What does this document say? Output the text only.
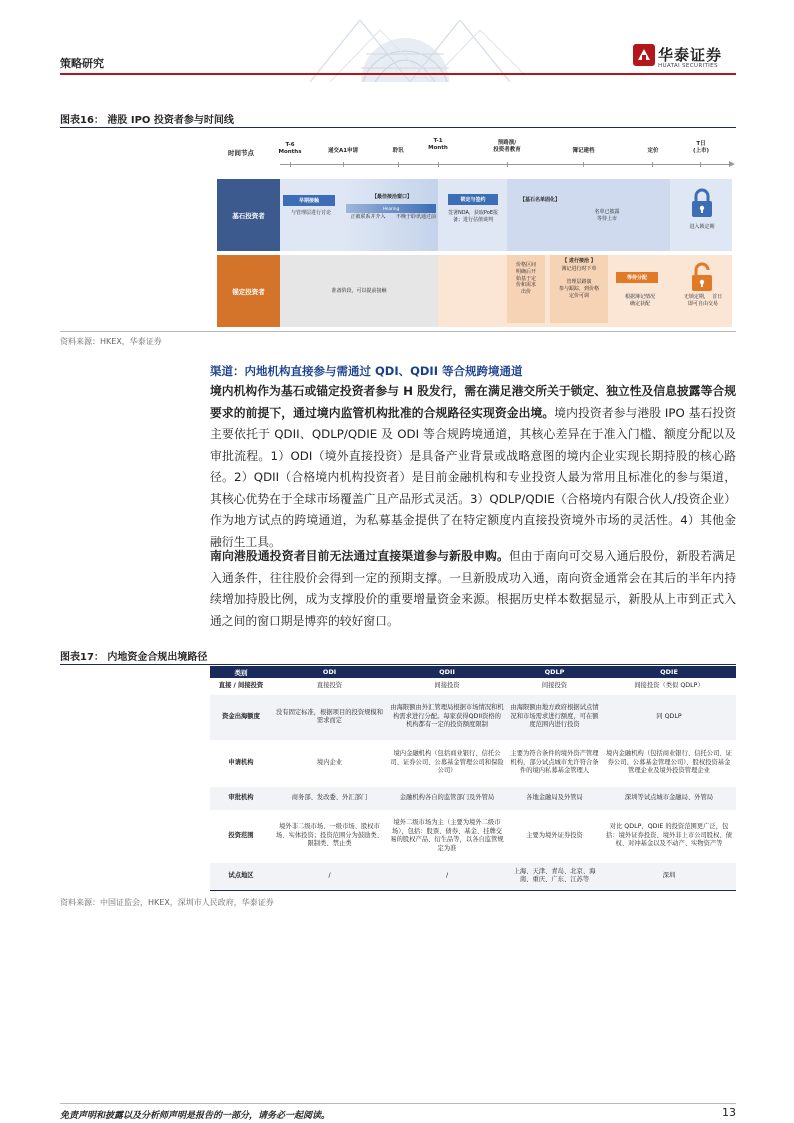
策略研究	华泰证券
HUATAI SECURITIES
图表16： 港股 IPO 投资者参与时间线
时间节点
T-6
Months	递交A1申请	聆讯
T-1
Month
预路演/
投资者教育	簿记建档	定价
T日
(上市)
基石投资者
早期接触
与管理层进行讨论
【最佳接洽窗口】
Hearing
正被联系并介入	不晚于聆讯通过前
锁定与签约
签署NDA，获取PoE报备；进行估值谈判
【基石名单固化】
名单已披露
等待上市
进入锁定期
锚定投资者	准备阶段，可以提前接触
价格区间
明确后开
始基于定
价和需求
出价
【 进行接洽 】
簿记进行时下单
管理层路演
参与跟踪，到价格
定价可调
等待分配
根据簿记情况
确定获配
无锁定期，  首日
即可自由交易
资料来源：HKEX，华泰证券
渠道：内地机构直接参与需通过 QDI、QDII 等合规跨境通道
境内机构作为基石或锚定投资者参与 H 股发行，需在满足港交所关于锁定、独立性及信息披露等合规要求的前提下，通过境内监管机构批准的合规路径实现资金出境。境内投资者参与港股 IPO 基石投资主要依托于 QDII、QDLP/QDIE 及 ODI 等合规跨境通道，其核心差异在于准入门槛、额度分配以及审批流程。1）ODI（境外直接投资）是具备产业背景或战略意图的境内企业实现长期持股的核心路径。2）QDII（合格境内机构投资者）是目前金融机构和专业投资人最为常用且标准化的参与渠道，其核心优势在于全球市场覆盖广且产品形式灵活。3）QDLP/QDIE（合格境内有限合伙人/投资企业）作为地方试点的跨境通道，为私募基金提供了在特定额度内直接投资境外市场的灵活性。4）其他金融衍生工具。
南向港股通投资者目前无法通过直接渠道参与新股申购。但由于南向可交易入通后股份，新股若满足入通条件，往往股价会得到一定的预期支撑。一旦新股成功入通，南向资金通常会在其后的半年内持续增加持股比例，成为支撑股价的重要增量资金来源。根据历史样本数据显示，新股从上市到正式入通之间的窗口期是博弈的较好窗口。
图表17： 内地资金合规出境路径
类别	ODI	QDII	QDLP	QDIE
直接 / 间接投资	直接投资	间接投资	间接投资	间接投资（类似 QDLP）
资金出海额度	没有固定标准，根据项目的投资规模和需求而定	由海限额由外汇管理局根据市场情况和机构需求进行分配。每家获得QDII资格的机构都有一定的投资额度限制	由海限额由地方政府根据试点情况和市场需求进行额度，可在额度范围内进行投资	同 QDLP
申请机构	境内企业	境内金融机构（包括商业银行、信托公司、证券公司、公募基金管理公司和保险公司）	主要为符合条件的境外资产管理机构，部分试点城市允许符合条件的境内私募基金管理人	境内金融机构（包括商业银行、信托公司、证券公司、公募基金管理公司）、股权投资基金管理企业及境外投资管理企业
审批机构	商务部、发改委、外汇部门	金融机构各自的监管部门及外管局	各地金融局及外管局	深圳等试点城市金融局、外管局
投资范围	境外非二级市场、一级市场、股权市场、实体投资；投资范围分为鼓励类、限制类、禁止类	境外二级市场为主（主要为境外二级市场），包括：股票、债券、基金、挂牌交易的股权产品、衍生品等，以各自监管规定为准	主要为境外证券投资	对比 QDLP，QDIE 的投资范围更广泛，包括：境外证券投资、境外非上市公司股权、债权、对冲基金以及不动产、实物资产等
试点地区	/	/	上海、天津、青岛、北京、海南、重庆、广东、江苏等	深圳
资料来源：中国证监会，HKEX，深圳市人民政府，华泰证券
免责声明和披露以及分析师声明是报告的一部分，请务必一起阅读。	13
